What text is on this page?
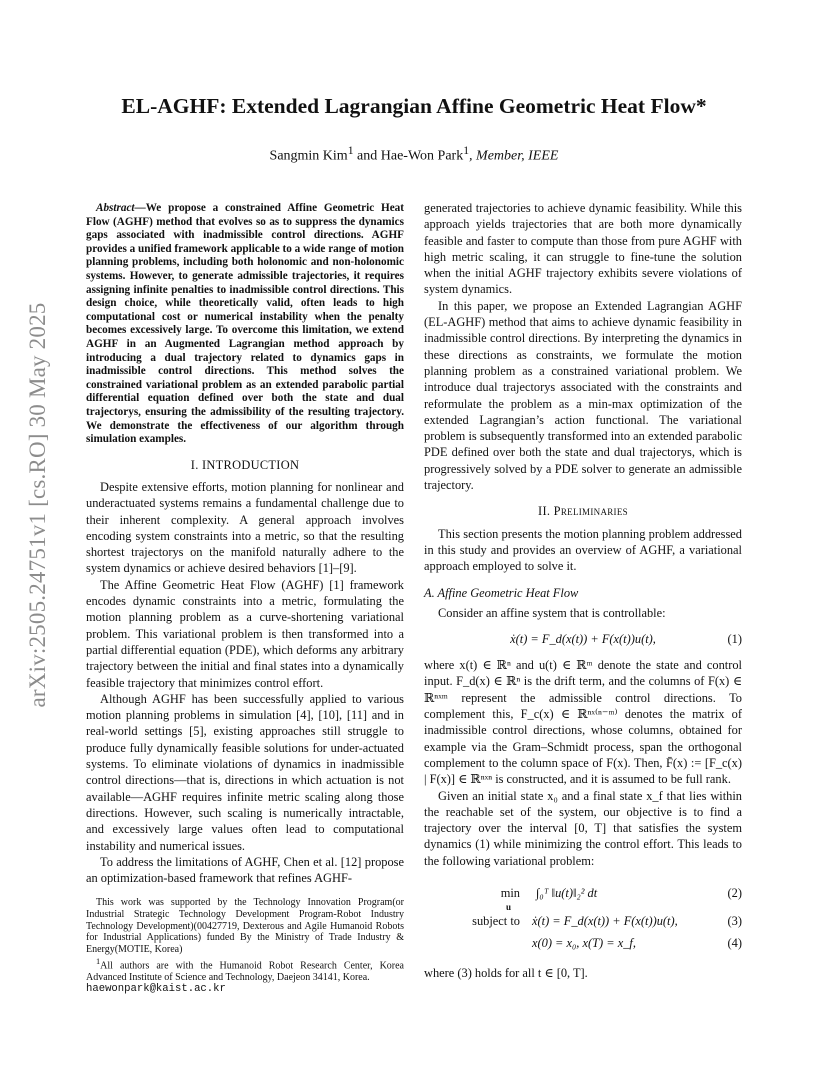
arXiv:2505.24751v1 [cs.RO] 30 May 2025
EL-AGHF: Extended Lagrangian Affine Geometric Heat Flow*

Sangmin Kim$^1$ and Hae-Won Park$^1$, Member, IEEE

Abstract—We propose a constrained Affine Geometric Heat Flow (AGHF) method that evolves so as to suppress the dynamics gaps associated with inadmissible control directions. AGHF provides a unified framework applicable to a wide range of motion planning problems, including both holonomic and non-holonomic systems. However, to generate admissible trajectories, it requires assigning infinite penalties to inadmissible control directions. This design choice, while theoretically valid, often leads to high computational cost or numerical instability when the penalty becomes excessively large. To overcome this limitation, we extend AGHF in an Augmented Lagrangian method approach by introducing a dual trajectory related to dynamics gaps in inadmissible control directions. This method solves the constrained variational problem as an extended parabolic partial differential equation defined over both the state and dual trajectorys, ensuring the admissibility of the resulting trajectory. We demonstrate the effectiveness of our algorithm through simulation examples.

I. INTRODUCTION

Despite extensive efforts, motion planning for nonlinear and underactuated systems remains a fundamental challenge due to their inherent complexity. A general approach involves encoding system constraints into a metric, so that the resulting shortest trajectorys on the manifold naturally adhere to the system dynamics or achieve desired behaviors [1]–[9].

The Affine Geometric Heat Flow (AGHF) [1] framework encodes dynamic constraints into a metric, formulating the motion planning problem as a curve-shortening variational problem. This variational problem is then transformed into a partial differential equation (PDE), which deforms any arbitrary trajectory between the initial and final states into a dynamically feasible trajectory that minimizes control effort.

Although AGHF has been successfully applied to various motion planning problems in simulation [4], [10], [11] and in real-world settings [5], existing approaches still struggle to produce fully dynamically feasible solutions for under-actuated systems. To eliminate violations of dynamics in inadmissible control directions—that is, directions in which actuation is not available—AGHF requires infinite metric scaling along those directions. However, such scaling is numerically intractable, and excessively large values often lead to computational instability and numerical issues.

To address the limitations of AGHF, Chen et al. [12] propose an optimization-based framework that refines AGHF-

This work was supported by the Technology Innovation Program(or Industrial Strategic Technology Development Program-Robot Industry Technology Development)(00427719, Dexterous and Agile Humanoid Robots for Industrial Applications) funded By the Ministry of Trade Industry & Energy(MOTIE, Korea)

$^1$All authors are with the Humanoid Robot Research Center, Korea Advanced Institute of Science and Technology, Daejeon 34141, Korea.

haewonpark@kaist.ac.kr

generated trajectories to achieve dynamic feasibility. While this approach yields trajectories that are both more dynamically feasible and faster to compute than those from pure AGHF with high metric scaling, it can struggle to fine-tune the solution when the initial AGHF trajectory exhibits severe violations of system dynamics.

In this paper, we propose an Extended Lagrangian AGHF (EL-AGHF) method that aims to achieve dynamic feasibility in inadmissible control directions. By interpreting the dynamics in these directions as constraints, we formulate the motion planning problem as a constrained variational problem. We introduce dual trajectorys associated with the constraints and reformulate the problem as a min-max optimization of the extended Lagrangian’s action functional. The variational problem is subsequently transformed into an extended parabolic PDE defined over both the state and dual trajectorys, which is progressively solved by a PDE solver to generate an admissible trajectory.

II. Preliminaries

This section presents the motion planning problem addressed in this study and provides an overview of AGHF, a variational approach employed to solve it.

A. Affine Geometric Heat Flow

Consider an affine system that is controllable:

ẋ(t) = F_d(x(t)) + F(x(t))u(t),	(1)

where x(t) ∈ ℝⁿ and u(t) ∈ ℝᵐ denote the state and control input. F_d(x) ∈ ℝⁿ is the drift term, and the columns of F(x) ∈ ℝⁿˣᵐ represent the admissible control directions. To complement this, F_c(x) ∈ ℝⁿˣ⁽ⁿ⁻ᵐ⁾ denotes the matrix of inadmissible control directions, whose columns, obtained for example via the Gram–Schmidt process, span the orthogonal complement to the column space of F(x). Then, F̄(x) := [F_c(x) | F(x)] ∈ ℝⁿˣⁿ is constructed, and it is assumed to be full rank.

Given an initial state x₀ and a final state x_f that lies within the reachable set of the system, our objective is to find a trajectory over the interval [0, T] that satisfies the system dynamics (1) while minimizing the control effort. This leads to the following variational problem:

min
u
∫₀ᵀ ‖u(t)‖₂² dt	(2)
subject to ẋ(t) = F_d(x(t)) + F(x(t))u(t),	(3)
x(0) = x₀, x(T) = x_f,	(4)

where (3) holds for all t ∈ [0, T].
